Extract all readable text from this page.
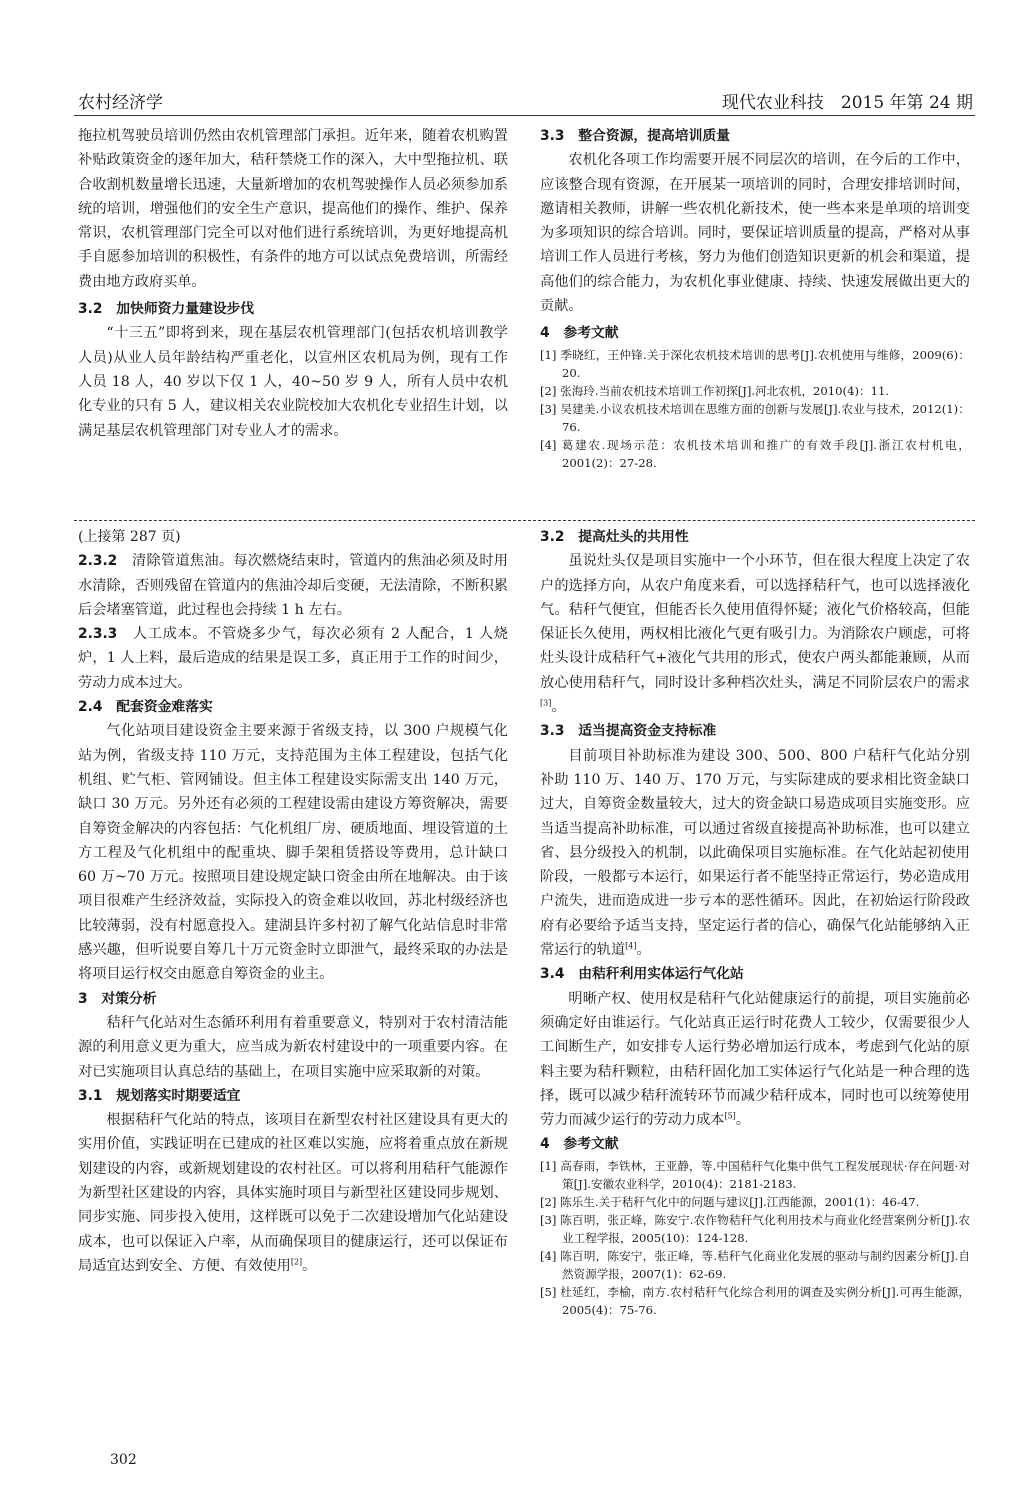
农村经济学	现代农业科技　2015 年第 24 期

拖拉机驾驶员培训仍然由农机管理部门承担。近年来，随着农机购置补贴政策资金的逐年加大，秸秆禁烧工作的深入，大中型拖拉机、联合收割机数量增长迅速，大量新增加的农机驾驶操作人员必须参加系统的培训，增强他们的安全生产意识，提高他们的操作、维护、保养常识，农机管理部门完全可以对他们进行系统培训，为更好地提高机手自愿参加培训的积极性，有条件的地方可以试点免费培训，所需经费由地方政府买单。

3.2　加快师资力量建设步伐

“十三五”即将到来，现在基层农机管理部门(包括农机培训教学人员)从业人员年龄结构严重老化，以宣州区农机局为例，现有工作人员 18 人，40 岁以下仅 1 人，40~50 岁 9 人，所有人员中农机化专业的只有 5 人，建议相关农业院校加大农机化专业招生计划，以满足基层农机管理部门对专业人才的需求。

3.3　整合资源，提高培训质量

农机化各项工作均需要开展不同层次的培训，在今后的工作中，应该整合现有资源，在开展某一项培训的同时，合理安排培训时间，邀请相关教师，讲解一些农机化新技术，使一些本来是单项的培训变为多项知识的综合培训。同时，要保证培训质量的提高，严格对从事培训工作人员进行考核，努力为他们创造知识更新的机会和渠道，提高他们的综合能力，为农机化事业健康、持续、快速发展做出更大的贡献。

4　参考文献

[1] 季晓红，王仲锋.关于深化农机技术培训的思考[J].农机使用与维修，2009(6)：20.

[2] 张海玲.当前农机技术培训工作初探[J].河北农机，2010(4)：11.

[3] 吴建美.小议农机技术培训在思维方面的创新与发展[J].农业与技术，2012(1)：76.

[4] 葛建农.现场示范：农机技术培训和推广的有效手段[J].浙江农村机电，2001(2)：27-28.

(上接第 287 页)

2.3.2　清除管道焦油。每次燃烧结束时，管道内的焦油必须及时用水清除，否则残留在管道内的焦油冷却后变硬，无法清除，不断积累后会堵塞管道，此过程也会持续 1 h 左右。

2.3.3　人工成本。不管烧多少气，每次必须有 2 人配合，1 人烧炉，1 人上料，最后造成的结果是误工多，真正用于工作的时间少，劳动力成本过大。

2.4　配套资金难落实

气化站项目建设资金主要来源于省级支持，以 300 户规模气化站为例，省级支持 110 万元，支持范围为主体工程建设，包括气化机组、贮气柜、管网铺设。但主体工程建设实际需支出 140 万元，缺口 30 万元。另外还有必须的工程建设需由建设方筹资解决，需要自筹资金解决的内容包括：气化机组厂房、硬质地面、埋设管道的土方工程及气化机组中的配重块、脚手架租赁搭设等费用，总计缺口 60 万~70 万元。按照项目建设规定缺口资金由所在地解决。由于该项目很难产生经济效益，实际投入的资金难以收回，苏北村级经济也比较薄弱，没有村愿意投入。建湖县许多村初了解气化站信息时非常感兴趣，但听说要自筹几十万元资金时立即泄气，最终采取的办法是将项目运行权交由愿意自筹资金的业主。

3　对策分析

秸秆气化站对生态循环利用有着重要意义，特别对于农村清洁能源的利用意义更为重大，应当成为新农村建设中的一项重要内容。在对已实施项目认真总结的基础上，在项目实施中应采取新的对策。

3.1　规划落实时期要适宜

根据秸秆气化站的特点，该项目在新型农村社区建设具有更大的实用价值，实践证明在已建成的社区难以实施，应将着重点放在新规划建设的内容，或新规划建设的农村社区。可以将利用秸秆气能源作为新型社区建设的内容，具体实施时项目与新型社区建设同步规划、同步实施、同步投入使用，这样既可以免于二次建设增加气化站建设成本，也可以保证入户率，从而确保项目的健康运行，还可以保证布局适宜达到安全、方便、有效使用[2]。

3.2　提高灶头的共用性

虽说灶头仅是项目实施中一个小环节，但在很大程度上决定了农户的选择方向，从农户角度来看，可以选择秸秆气，也可以选择液化气。秸秆气便宜，但能否长久使用值得怀疑；液化气价格较高，但能保证长久使用，两权相比液化气更有吸引力。为消除农户顾虑，可将灶头设计成秸秆气+液化气共用的形式，使农户两头都能兼顾，从而放心使用秸秆气，同时设计多种档次灶头，满足不同阶层农户的需求[3]。

3.3　适当提高资金支持标准

目前项目补助标准为建设 300、500、800 户秸秆气化站分别补助 110 万、140 万、170 万元，与实际建成的要求相比资金缺口过大，自筹资金数量较大，过大的资金缺口易造成项目实施变形。应当适当提高补助标准，可以通过省级直接提高补助标准，也可以建立省、县分级投入的机制，以此确保项目实施标准。在气化站起初使用阶段，一般都亏本运行，如果运行者不能坚持正常运行，势必造成用户流失，进而造成进一步亏本的恶性循环。因此，在初始运行阶段政府有必要给予适当支持，坚定运行者的信心，确保气化站能够纳入正常运行的轨道[4]。

3.4　由秸秆利用实体运行气化站

明晰产权、使用权是秸秆气化站健康运行的前提，项目实施前必须确定好由谁运行。气化站真正运行时花费人工较少，仅需要很少人工间断生产，如安排专人运行势必增加运行成本，考虑到气化站的原料主要为秸秆颗粒，由秸秆固化加工实体运行气化站是一种合理的选择，既可以减少秸秆流转环节而减少秸秆成本，同时也可以统筹使用劳力而减少运行的劳动力成本[5]。

4　参考文献

[1] 高春雨，李铁林，王亚静，等.中国秸秆气化集中供气工程发展现状·存在问题·对策[J].安徽农业科学，2010(4)：2181-2183.

[2] 陈乐生.关于秸秆气化中的问题与建议[J].江西能源，2001(1)：46-47.

[3] 陈百明，张正峰，陈安宁.农作物秸秆气化利用技术与商业化经营案例分析[J].农业工程学报，2005(10)：124-128.

[4] 陈百明，陈安宁，张正峰，等.秸秆气化商业化发展的驱动与制约因素分析[J].自然资源学报，2007(1)：62-69.

[5] 杜延红，李榆，南方.农村秸秆气化综合利用的调查及实例分析[J].可再生能源，2005(4)：75-76.

302
